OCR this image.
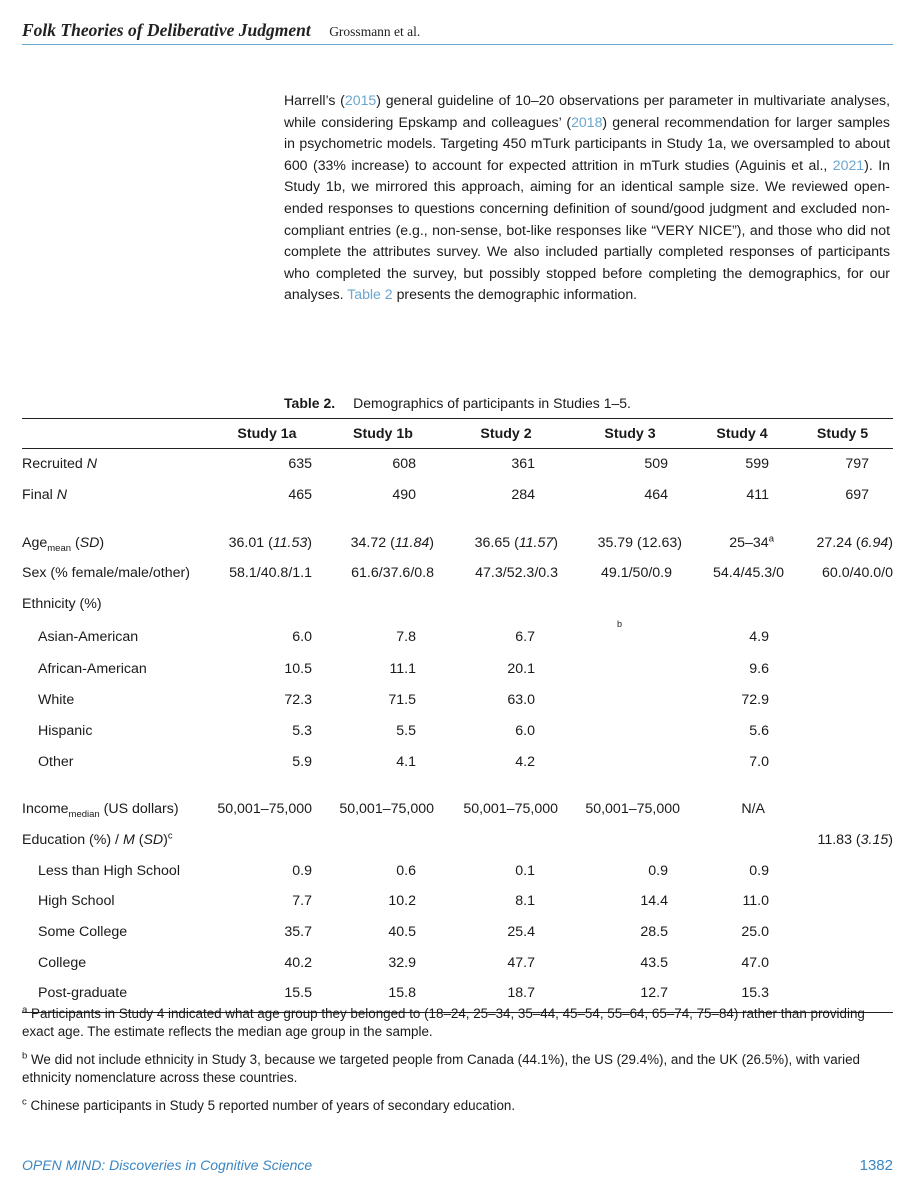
Folk Theories of Deliberative Judgment Grossmann et al.
Harrell’s (2015) general guideline of 10–20 observations per parameter in multivariate analyses, while considering Epskamp and colleagues’ (2018) general recommendation for larger samples in psychometric models. Targeting 450 mTurk participants in Study 1a, we oversampled to about 600 (33% increase) to account for expected attrition in mTurk studies (Aguinis et al., 2021). In Study 1b, we mirrored this approach, aiming for an identical sample size. We reviewed open-ended responses to questions concerning definition of sound/good judgment and excluded non-compliant entries (e.g., non-sense, bot-like responses like “VERY NICE”), and those who did not complete the attributes survey. We also included partially completed responses of participants who completed the survey, but possibly stopped before completing the demographics, for our analyses. Table 2 presents the demographic information.
Table 2. Demographics of participants in Studies 1–5.
	Study 1a	Study 1b	Study 2	Study 3	Study 4	Study 5
Recruited N	635	608	361	509	599	797
Final N	465	490	284	464	411	697

Age$_{mean}$ (SD)	36.01 (11.53)	34.72 (11.84)	36.65 (11.57)	35.79 (12.63)	25–34$^a$	27.24 (6.94)
Sex (% female/male/other)	58.1/40.8/1.1	61.6/37.6/0.8	47.3/52.3/0.3	49.1/50/0.9	54.4/45.3/0	60.0/40.0/0
Ethnicity (%)						
Asian-American	6.0	7.8	6.7	$^b$	4.9	
African-American	10.5	11.1	20.1		9.6	
White	72.3	71.5	63.0		72.9	
Hispanic	5.3	5.5	6.0		5.6	
Other	5.9	4.1	4.2		7.0	

Income$_{median}$ (US dollars)	50,001–75,000	50,001–75,000	50,001–75,000	50,001–75,000	N/A	
Education (%) / M (SD)$^c$						11.83 (3.15)
Less than High School	0.9	0.6	0.1	0.9	0.9	
High School	7.7	10.2	8.1	14.4	11.0	
Some College	35.7	40.5	25.4	28.5	25.0	
College	40.2	32.9	47.7	43.5	47.0	
Post-graduate	15.5	15.8	18.7	12.7	15.3	

$^a$ Participants in Study 4 indicated what age group they belonged to (18–24, 25–34, 35–44, 45–54, 55–64, 65–74, 75–84) rather than providing exact age. The estimate reflects the median age group in the sample.

$^b$ We did not include ethnicity in Study 3, because we targeted people from Canada (44.1%), the US (29.4%), and the UK (26.5%), with varied ethnicity nomenclature across these countries.

$^c$ Chinese participants in Study 5 reported number of years of secondary education.

OPEN MIND: Discoveries in Cognitive Science	1382
